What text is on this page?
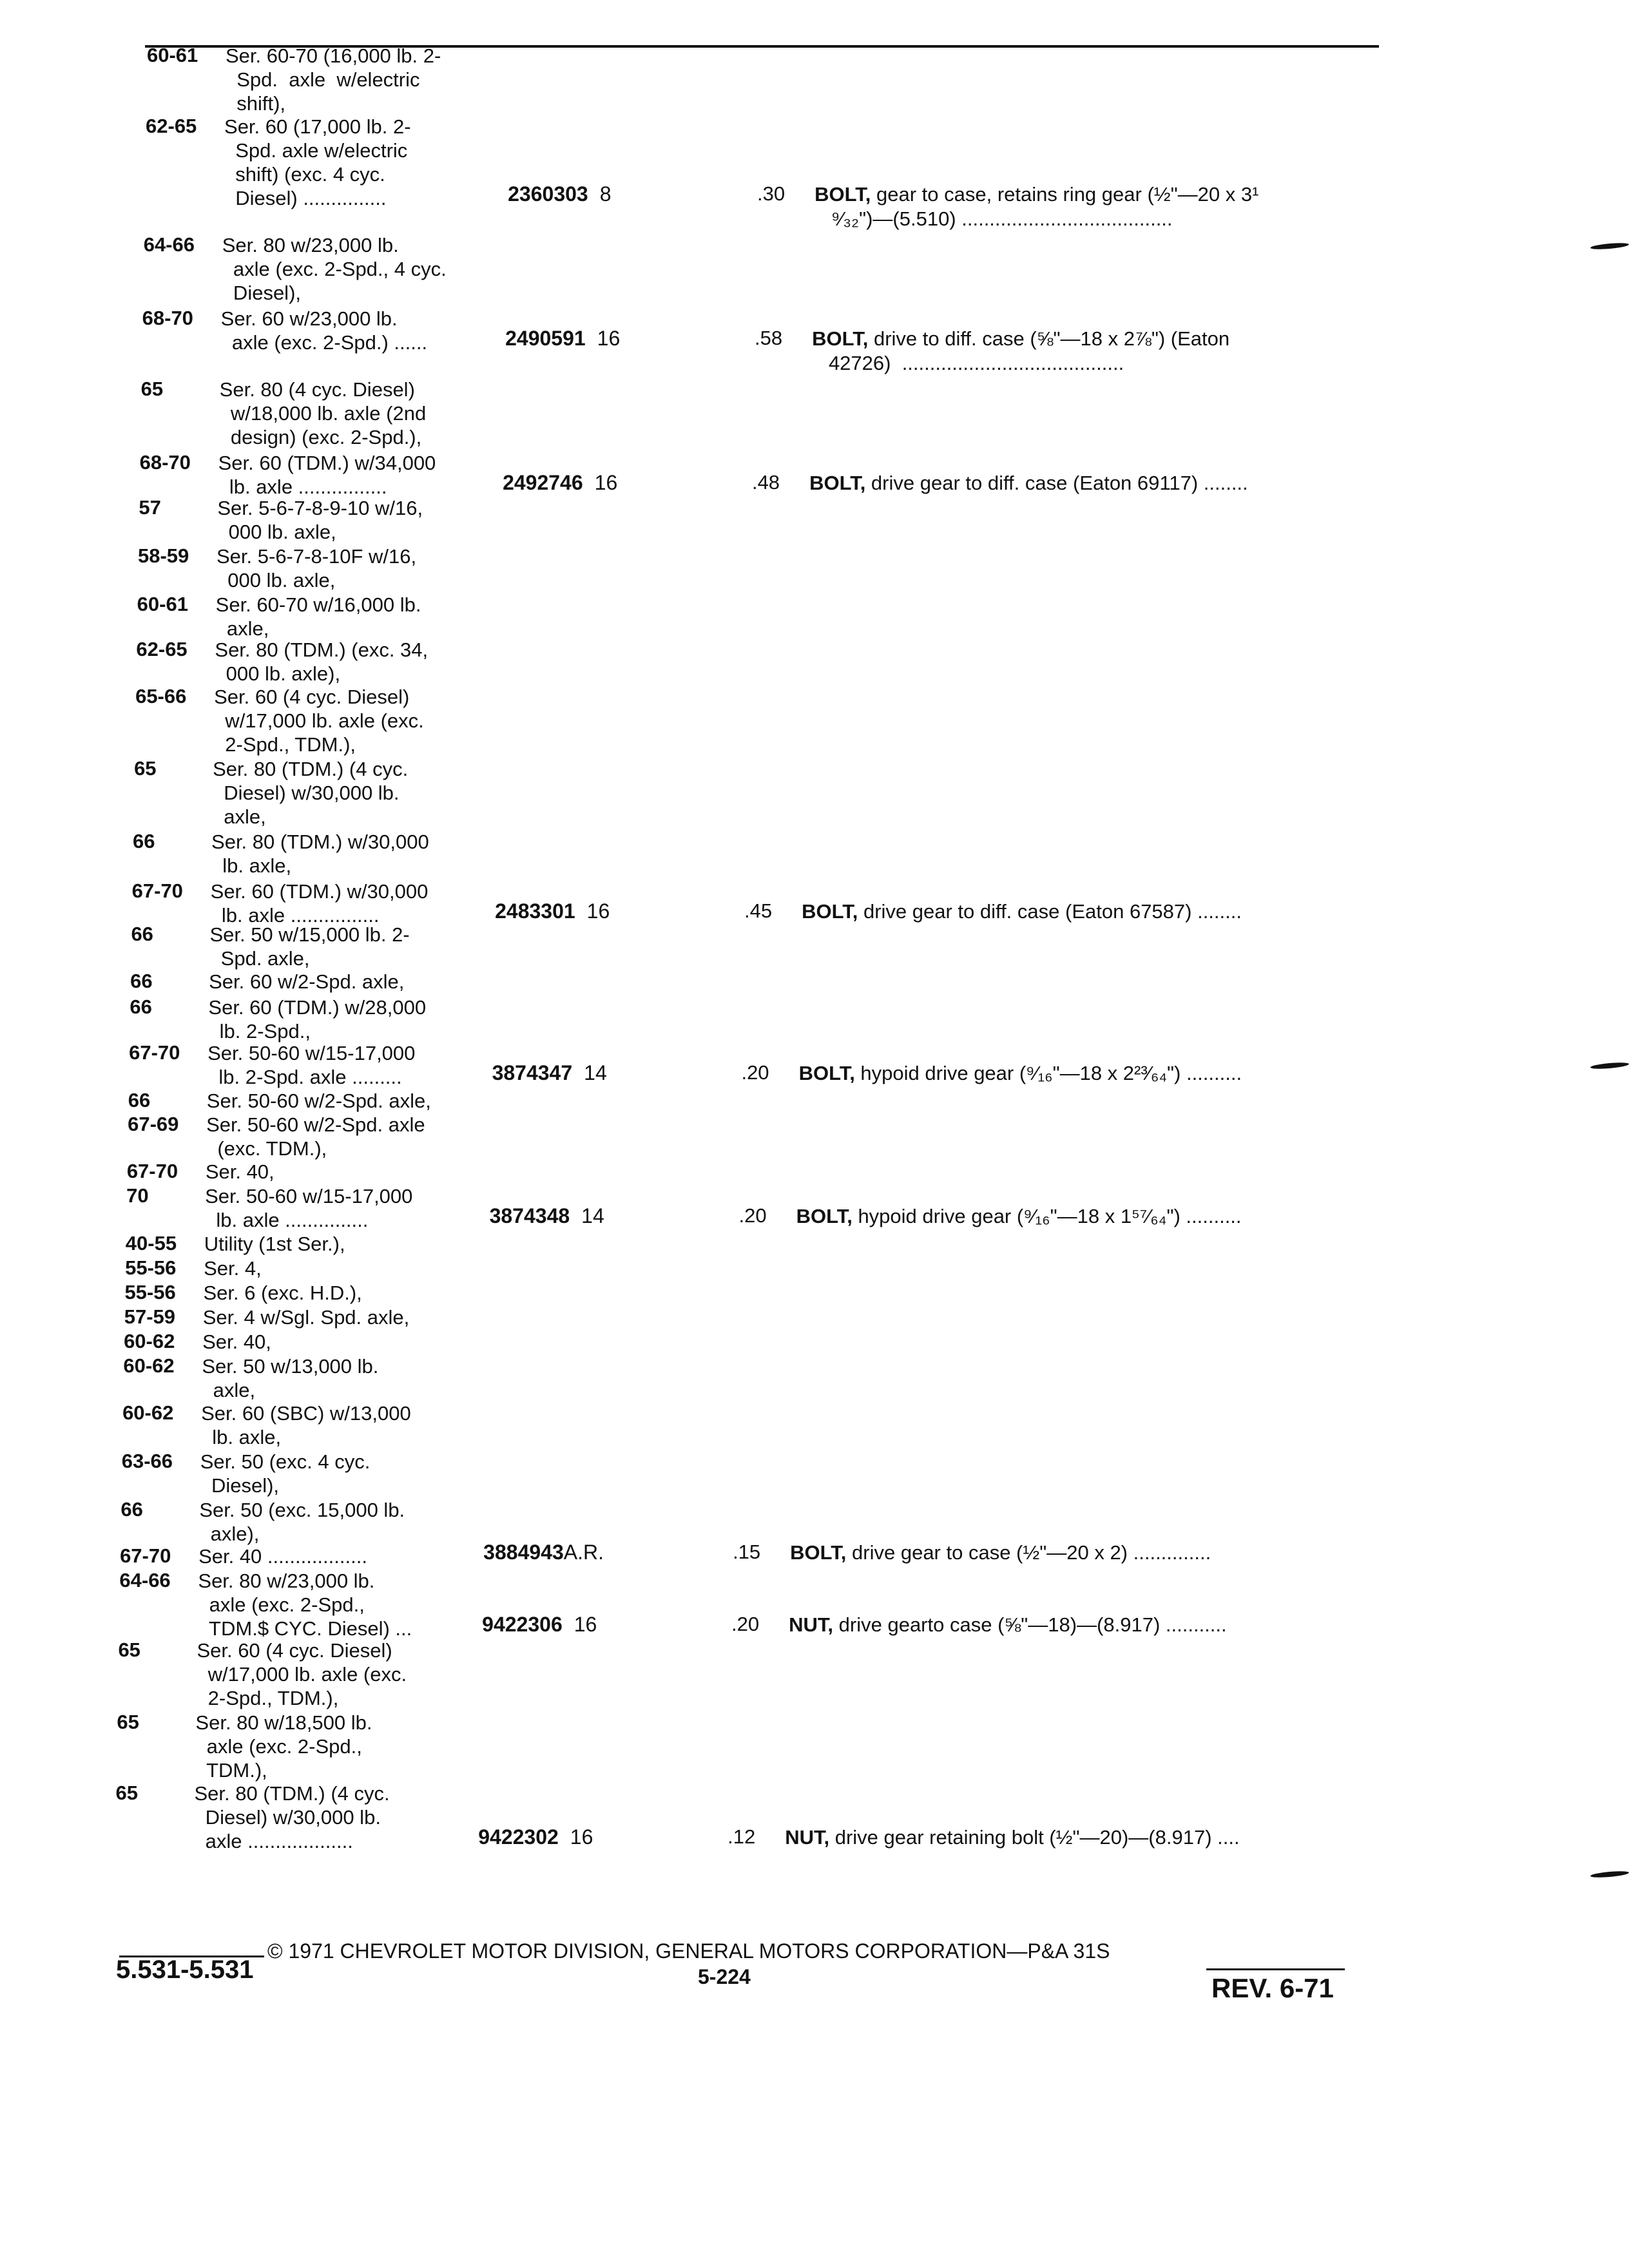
60-61	Ser. 60-70 (16,000 lb. 2-
Spd.  axle  w/electric
shift),
62-65	Ser. 60 (17,000 lb. 2-
Spd. axle w/electric
shift) (exc. 4 cyc.
Diesel) ...............	2360303 8	.30 BOLT, gear to case, retains ring gear (½"—20 x 3¹
⁹⁄₃₂")—(5.510) ......................................
64-66	Ser. 80 w/23,000 lb.
axle (exc. 2-Spd., 4 cyc.
Diesel),
68-70	Ser. 60 w/23,000 lb.
axle (exc. 2-Spd.) ......	2490591 16	.58 BOLT, drive to diff. case (⅝"—18 x 2⅞") (Eaton
42726)  ........................................
65	Ser. 80 (4 cyc. Diesel)
w/18,000 lb. axle (2nd
design) (exc. 2-Spd.),
68-70	Ser. 60 (TDM.) w/34,000
lb. axle ................	2492746 16	.48 BOLT, drive gear to diff. case (Eaton 69117) ........
57	Ser. 5-6-7-8-9-10 w/16,
000 lb. axle,
58-59	Ser. 5-6-7-8-10F w/16,
000 lb. axle,
60-61	Ser. 60-70 w/16,000 lb.
axle,
62-65	Ser. 80 (TDM.) (exc. 34,
000 lb. axle),
65-66	Ser. 60 (4 cyc. Diesel)
w/17,000 lb. axle (exc.
2-Spd., TDM.),
65	Ser. 80 (TDM.) (4 cyc.
Diesel) w/30,000 lb.
axle,
66	Ser. 80 (TDM.) w/30,000
lb. axle,
67-70	Ser. 60 (TDM.) w/30,000
lb. axle ................	2483301 16	.45 BOLT, drive gear to diff. case (Eaton 67587) ........
66	Ser. 50 w/15,000 lb. 2-
Spd. axle,
66	Ser. 60 w/2-Spd. axle,
66	Ser. 60 (TDM.) w/28,000
lb. 2-Spd.,
67-70	Ser. 50-60 w/15-17,000
lb. 2-Spd. axle .........	3874347 14	.20 BOLT, hypoid drive gear (⁹⁄₁₆"—18 x 2²³⁄₆₄") ..........
66	Ser. 50-60 w/2-Spd. axle,
67-69	Ser. 50-60 w/2-Spd. axle
(exc. TDM.),
67-70	Ser. 40,
70	Ser. 50-60 w/15-17,000
lb. axle ...............	3874348 14	.20 BOLT, hypoid drive gear (⁹⁄₁₆"—18 x 1⁵⁷⁄₆₄") ..........
40-55	Utility (1st Ser.),
55-56	Ser. 4,
55-56	Ser. 6 (exc. H.D.),
57-59	Ser. 4 w/Sgl. Spd. axle,
60-62	Ser. 40,
60-62	Ser. 50 w/13,000 lb.
axle,
60-62	Ser. 60 (SBC) w/13,000
lb. axle,
63-66	Ser. 50 (exc. 4 cyc.
Diesel),
66	Ser. 50 (exc. 15,000 lb.
axle),
67-70	Ser. 40 ..................	3884943A.R.	.15 BOLT, drive gear to case (½"—20 x 2) ..............
64-66	Ser. 80 w/23,000 lb.
axle (exc. 2-Spd.,
TDM.$ CYC. Diesel) ...	9422306 16	.20 NUT, drive gearto case (⅝"—18)—(8.917) ...........
65	Ser. 60 (4 cyc. Diesel)
w/17,000 lb. axle (exc.
2-Spd., TDM.),
65	Ser. 80 w/18,500 lb.
axle (exc. 2-Spd.,
TDM.),
65	Ser. 80 (TDM.) (4 cyc.
Diesel) w/30,000 lb.
axle ...................	9422302 16	.12 NUT, drive gear retaining bolt (½"—20)—(8.917) ....
© 1971 CHEVROLET MOTOR DIVISION, GENERAL MOTORS CORPORATION—P&A 31S
5.531-5.531	5-224	REV. 6-71
